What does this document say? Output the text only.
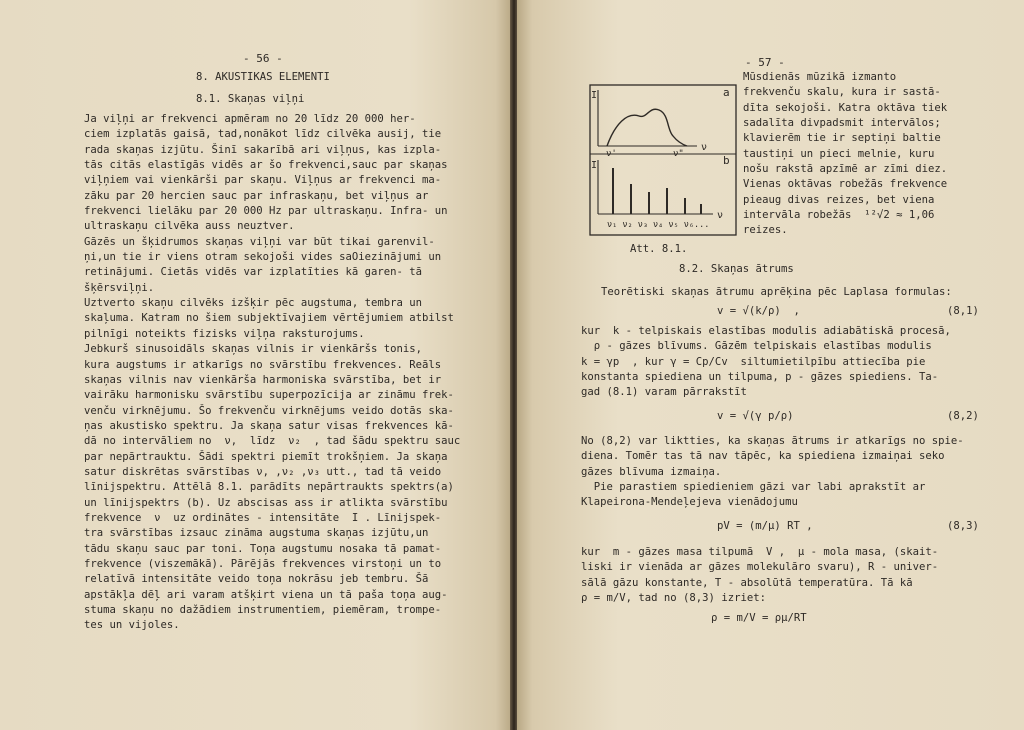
- 56 -
8. AKUSTIKAS ELEMENTI
8.1. Skaņas viļņi
Ja viļņi ar frekvenci apmēram no 20 līdz 20 000 her-
ciem izplatās gaisā, tad,nonākot līdz cilvēka ausij, tie
rada skaņas izjūtu. Šinī sakarībā ari viļņus, kas izpla-
tās citās elastīgās vidēs ar šo frekvenci,sauc par skaņas
viļņiem vai vienkārši par skaņu. Viļņus ar frekvenci ma-
zāku par 20 hercien sauc par infraskaņu, bet viļņus ar
frekvenci lielāku par 20 000 Hz par ultraskaņu. Infra- un
ultraskaņu cilvēka auss neuztver.
Gāzēs un šķidrumos skaņas viļņi var būt tikai garenvil-
ņi,un tie ir viens otram sekojoši vides saOiezinājumi un
retinājumi. Cietās vidēs var izplatīties kā garen- tā
šķērsviļņi.
Uztverto skaņu cilvēks izšķir pēc augstuma, tembra un
skaļuma. Katram no šiem subjektīvajiem vērtējumiem atbilst
pilnīgi noteikts fizisks viļņa raksturojums.
Jebkurš sinusoidāls skaņas vilnis ir vienkāršs tonis,
kura augstums ir atkarīgs no svārstību frekvences. Reāls
skaņas vilnis nav vienkārša harmoniska svārstība, bet ir
vairāku harmonisku svārstību superpozīcija ar zināmu frek-
venču virknējumu. Šo frekvenču virknējums veido dotās ska-
ņas akustisko spektru. Ja skaņa satur visas frekvences kā-
dā no intervāliem no  ν,  līdz  ν₂  , tad šādu spektru sauc
par nepārtrauktu. Šādi spektri piemīt trokšņiem. Ja skaņa
satur diskrētas svārstības ν, ,ν₂ ,ν₃ utt., tad tā veido
līnijspektru. Attēlā 8.1. parādīts nepārtraukts spektrs(a)
un līnijspektrs (b). Uz abscisas ass ir atlikta svārstību
frekvence  ν  uz ordinātes - intensitāte  I . Līnijspek-
tra svārstības izsauc zināma augstuma skaņas izjūtu,un
tādu skaņu sauc par toni. Toņa augstumu nosaka tā pamat-
frekvence (viszemākā). Pārējās frekvences virstoņi un to
relatīvā intensitāte veido toņa nokrāsu jeb tembru. Šā
apstākļa dēļ ari varam atšķirt viena un tā paša toņa aug-
stuma skaņu no dažādiem instrumentiem, piemēram, trompe-
tes un vijoles.
- 57 -
I	a
ν'	ν"
ν
b
I
ν
ν₁ ν₂ ν₃ ν₄ ν₅ ν₆...
Att. 8.1.
Mūsdienās mūzikā izmanto
frekvenču skalu, kura ir sastā-
dīta sekojoši. Katra oktāva tiek
sadalīta divpadsmit intervālos;
klavierēm tie ir septiņi baltie
taustiņi un pieci melnie, kuru
nošu rakstā apzīmē ar zīmi diez.
Vienas oktāvas robežās frekvence
pieaug divas reizes, bet viena
intervāla robežās  ¹²√2 ≈ 1,06
reizes.
8.2. Skaņas ātrums
Teorētiski skaņas ātrumu aprēķina pēc Laplasa formulas:
v = √(k/ρ)  ,	(8,1)
kur  k - telpiskais elastības modulis adiabātiskā procesā,
ρ - gāzes blīvums. Gāzēm telpiskais elastības modulis
k = γp  , kur γ = Cp/Cv  siltumietilpību attiecība pie
konstanta spiediena un tilpuma, p - gāzes spiediens. Ta-
gad (8.1) varam pārrakstīt
v = √(γ p/ρ)	(8,2)
No (8,2) var liktties, ka skaņas ātrums ir atkarīgs no spie-
diena. Tomēr tas tā nav tāpēc, ka spiediena izmaiņai seko
gāzes blīvuma izmaiņa.
Pie parastiem spiedieniem gāzi var labi aprakstīt ar
Klapeirona-Mendeļejeva vienādojumu
pV = (m/μ) RT ,	(8,3)
kur  m - gāzes masa tilpumā  V ,  μ - mola masa, (skait-
liski ir vienāda ar gāzes molekulāro svaru), R - univer-
sālā gāzu konstante, T - absolūtā temperatūra. Tā kā
ρ = m/V, tad no (8,3) izriet:
ρ = m/V = ρμ/RT
